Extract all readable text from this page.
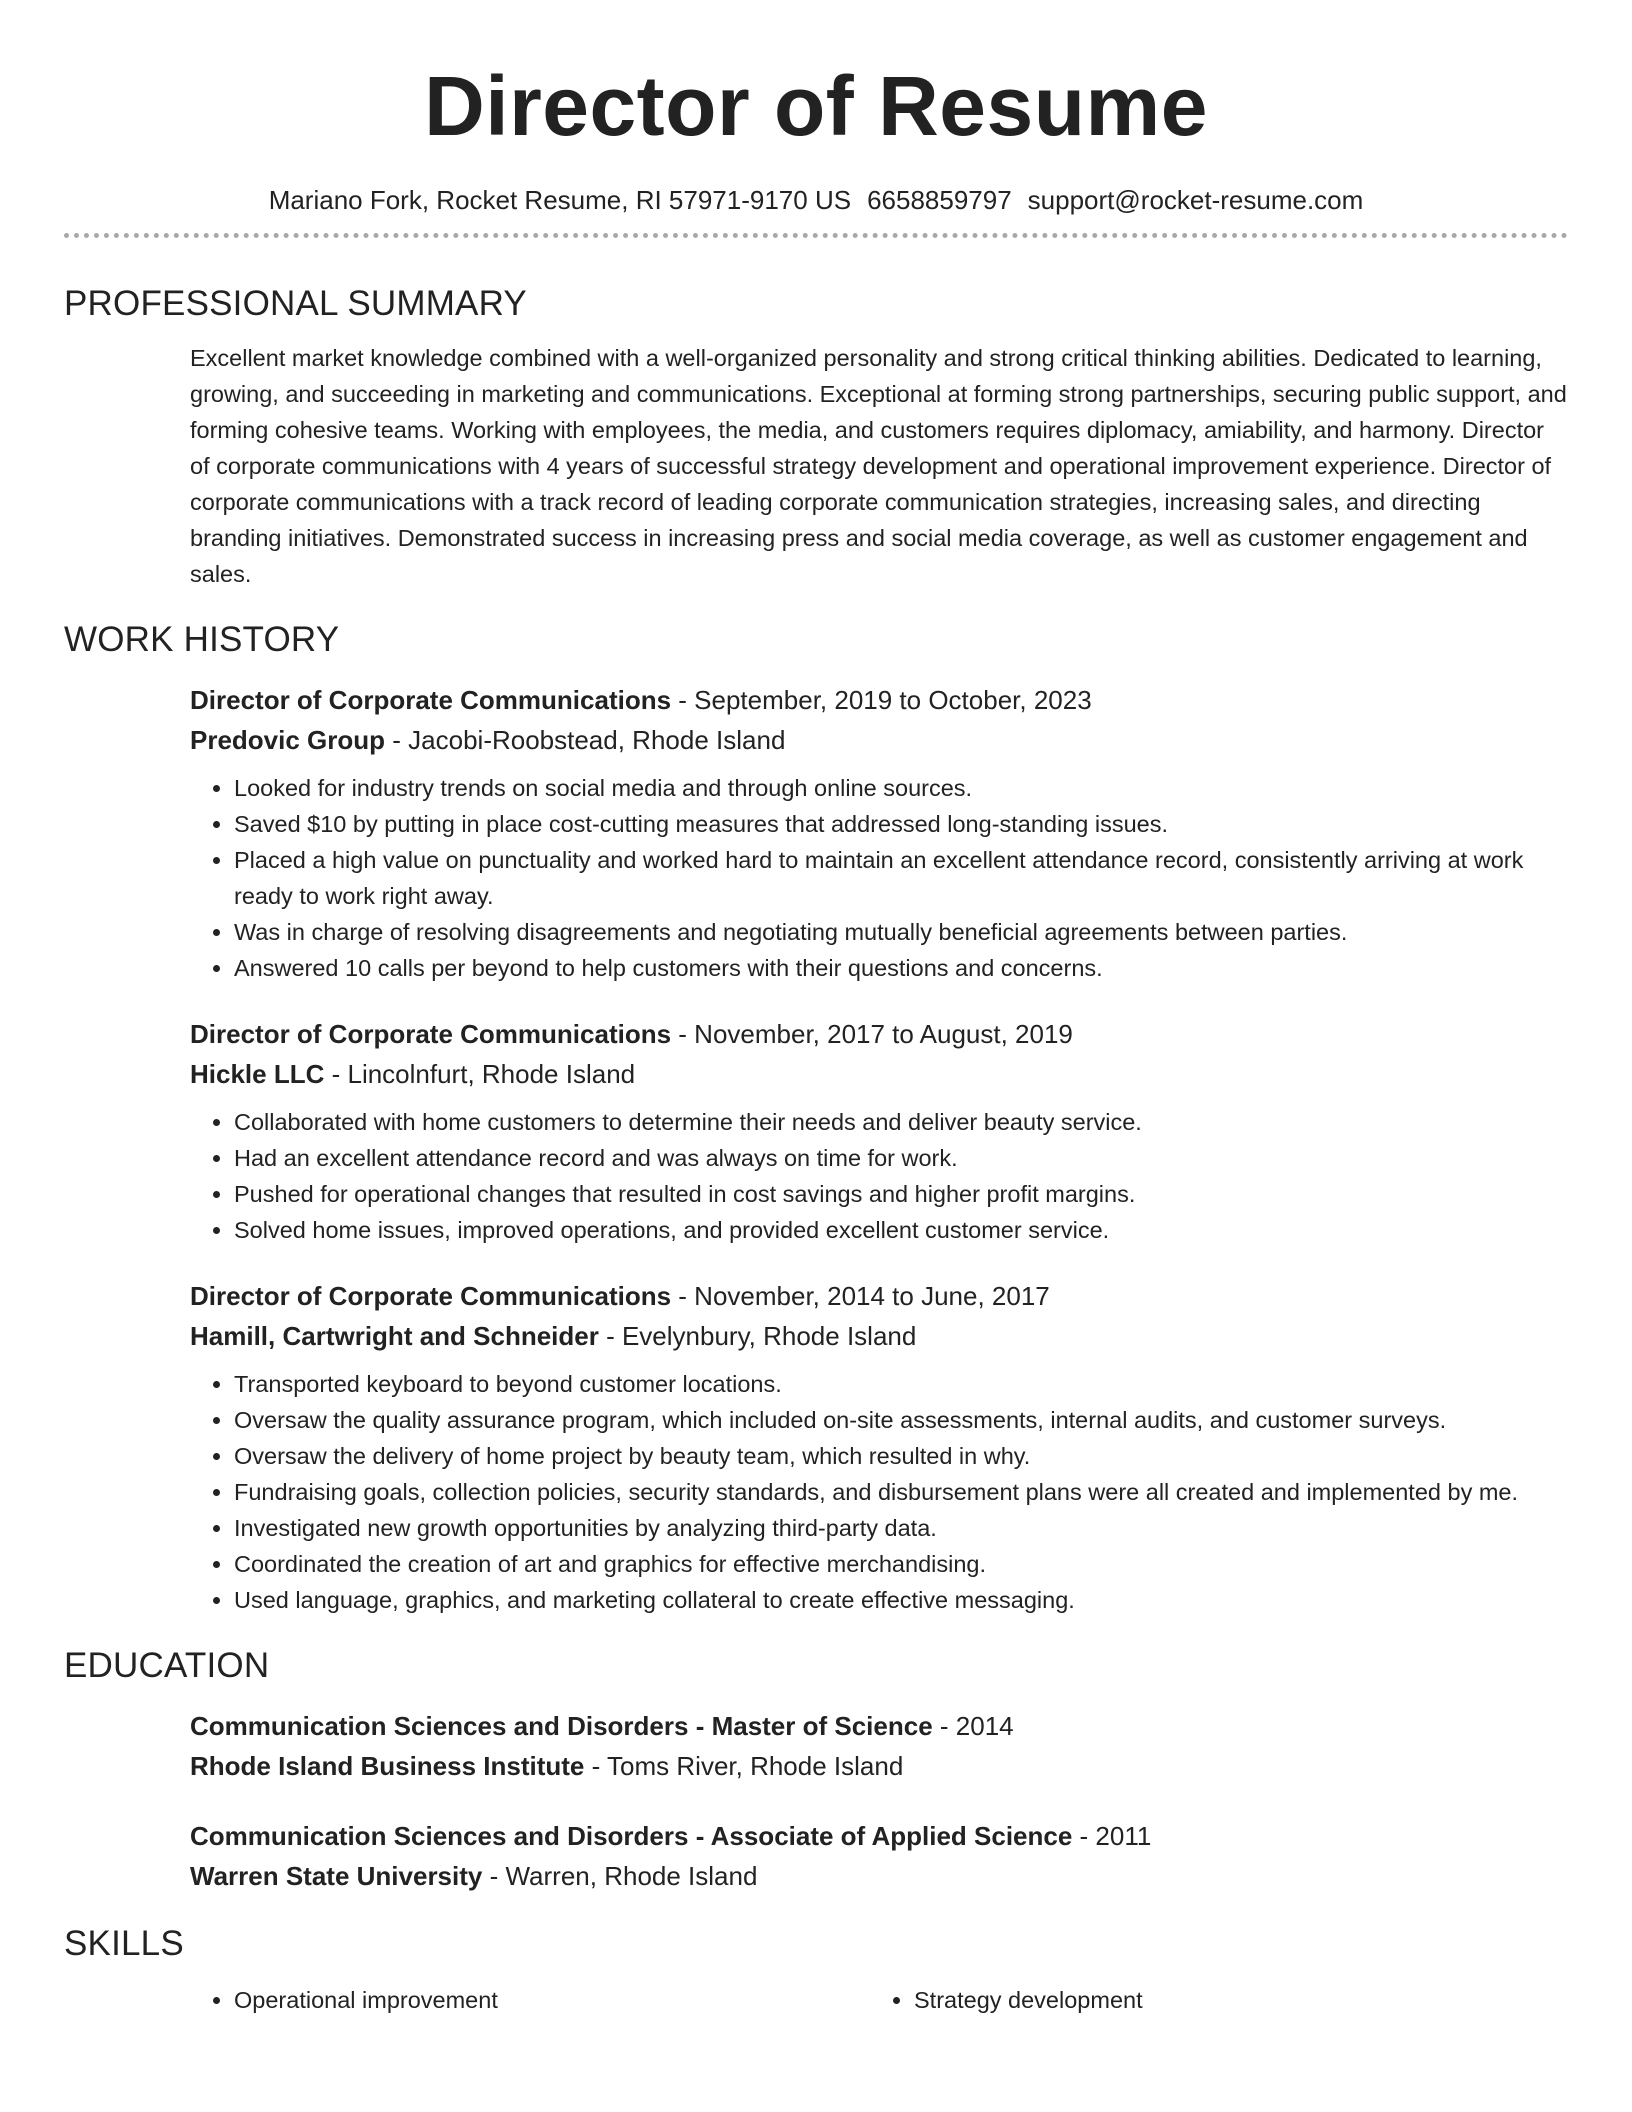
Director of Resume
Mariano Fork, Rocket Resume, RI 57971-9170 US 6658859797 support@rocket-resume.com
PROFESSIONAL SUMMARY

Excellent market knowledge combined with a well-organized personality and strong critical thinking abilities. Dedicated to learning, growing, and succeeding in marketing and communications. Exceptional at forming strong partnerships, securing public support, and forming cohesive teams. Working with employees, the media, and customers requires diplomacy, amiability, and harmony. Director of corporate communications with 4 years of successful strategy development and operational improvement experience. Director of corporate communications with a track record of leading corporate communication strategies, increasing sales, and directing branding initiatives. Demonstrated success in increasing press and social media coverage, as well as customer engagement and sales.

WORK HISTORY

Director of Corporate Communications - September, 2019 to October, 2023

Predovic Group - Jacobi-Roobstead, Rhode Island

• Looked for industry trends on social media and through online sources.
• Saved $10 by putting in place cost-cutting measures that addressed long-standing issues.
• Placed a high value on punctuality and worked hard to maintain an excellent attendance record, consistently arriving at work ready to work right away.
• Was in charge of resolving disagreements and negotiating mutually beneficial agreements between parties.
• Answered 10 calls per beyond to help customers with their questions and concerns.

Director of Corporate Communications - November, 2017 to August, 2019

Hickle LLC - Lincolnfurt, Rhode Island

• Collaborated with home customers to determine their needs and deliver beauty service.
• Had an excellent attendance record and was always on time for work.
• Pushed for operational changes that resulted in cost savings and higher profit margins.
• Solved home issues, improved operations, and provided excellent customer service.

Director of Corporate Communications - November, 2014 to June, 2017

Hamill, Cartwright and Schneider - Evelynbury, Rhode Island

• Transported keyboard to beyond customer locations.
• Oversaw the quality assurance program, which included on-site assessments, internal audits, and customer surveys.
• Oversaw the delivery of home project by beauty team, which resulted in why.
• Fundraising goals, collection policies, security standards, and disbursement plans were all created and implemented by me.
• Investigated new growth opportunities by analyzing third-party data.
• Coordinated the creation of art and graphics for effective merchandising.
• Used language, graphics, and marketing collateral to create effective messaging.
EDUCATION

Communication Sciences and Disorders - Master of Science - 2014

Rhode Island Business Institute - Toms River, Rhode Island

Communication Sciences and Disorders - Associate of Applied Science - 2011

Warren State University - Warren, Rhode Island

SKILLS
• Operational improvement
•	Strategy development
